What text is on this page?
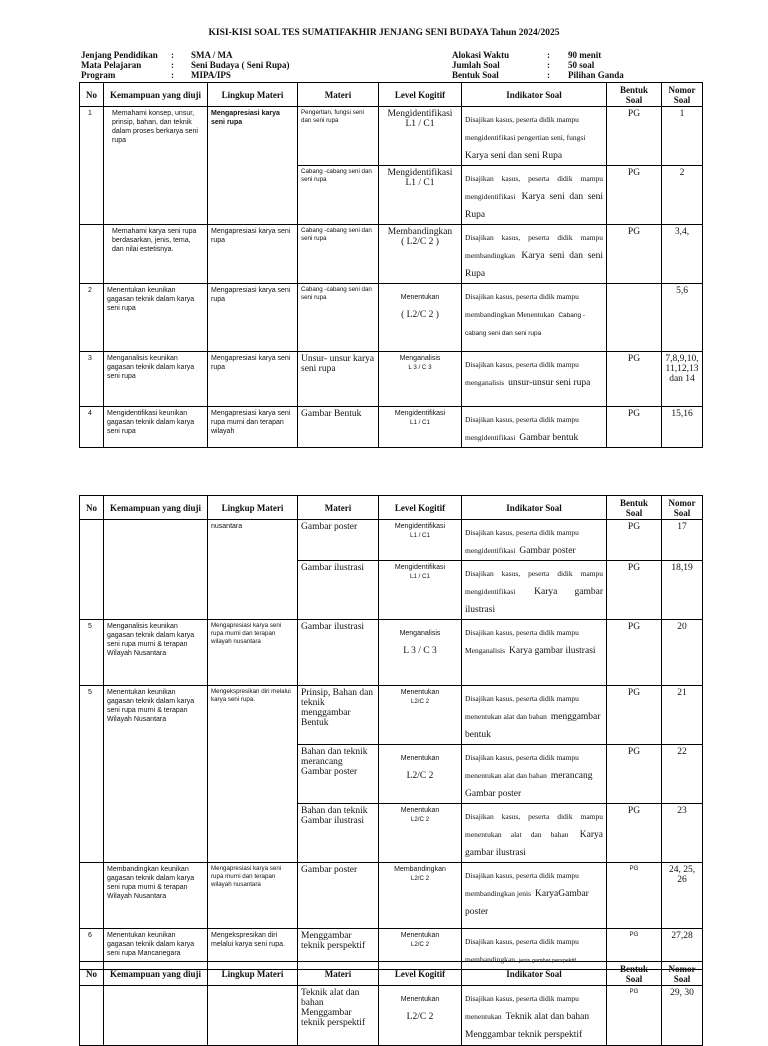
KISI-KISI SOAL TES SUMATIFAKHIR JENJANG SENI BUDAYA Tahun 2024/2025
Jenjang Pendidikan	:	SMA / MA
Mata Pelajaran	:	Seni Budaya ( Seni Rupa)
Program	:	MIPA/IPS
Alokasi Waktu	:	90 menit
Jumlah Soal	:	50 soal
Bentuk Soal	:	Pilihan Ganda
No	Kemampuan yang diuji	Lingkup Materi	Materi	Level Kogitif	Indikator Soal	Bentuk
Soal	Nomor
Soal
1	Memahami konsep, unsur, prinsip, bahan, dan teknik dalam proses berkarya seni rupa	Mengapresiasi karya seni rupa	Pengertian, fungsi seni dan seni rupa	Mengidentifikasi
L1 / C1	Disajikan kasus, peserta didik mampu mengidentifikasi pengertian seni, fungsi Karya seni dan seni Rupa	PG	1
			Cabang -cabang seni dan seni rupa	Mengidentifikasi
L1 / C1	Disajikan kasus, peserta didik mampu mengidentifikasi Karya seni dan seni Rupa	PG	2
	Memahami karya seni rupa berdasarkan, jenis, tema, dan nilai estetisnya.	Mengapresiasi karya seni rupa	Cabang -cabang seni dan seni rupa	Membandingkan
( L2/C 2 )	Disajikan kasus, peserta didik mampu membandingkan Karya seni dan seni Rupa	PG	3,4,
2	Menentukan keunikan gagasan teknik dalam karya seni rupa	Mengapresiasi karya seni rupa	Cabang -cabang seni dan seni rupa	Menentukan
( L2/C 2 )	Disajikan kasus, peserta didik mampu membandingkan Menentukan Cabang - cabang seni dan seni rupa		5,6
3	Menganalisis keunikan gagasan teknik dalam karya seni rupa	Mengapresiasi karya seni rupa	Unsur- unsur karya seni rupa	Menganalisis
L 3 / C 3	Disajikan kasus, peserta didik mampu menganalisis unsur-unsur seni rupa	PG	7,8,9,10, 11,12,13 dan 14
4	Mengidentifikasi keunikan gagasan teknik dalam karya seni rupa	Mengapresiasi karya seni rupa murni dan terapan wilayah	Gambar Bentuk	Mengidentifikasi
L1 / C1	Disajikan kasus, peserta didik mampu mengidentifikasi Gambar bentuk	PG	15,16
No	Kemampuan yang diuji	Lingkup Materi	Materi	Level Kogitif	Indikator Soal	Bentuk
Soal	Nomor
Soal
		nusantara	Gambar poster	Mengidentifikasi
L1 / C1	Disajikan kasus, peserta didik mampu mengidentifikasi Gambar poster	PG	17
			Gambar ilustrasi	Mengidentifikasi
L1 / C1	Disajikan kasus, peserta didik mampu mengidentifikasi Karya gambar ilustrasi	PG	18,19
5	Menganalisis keunikan gagasan teknik dalam karya seni rupa murni & terapan Wilayah Nusantara	Mengapresiasi karya seni rupa murni dan terapan wilayah nusantara	Gambar ilustrasi	Menganalisis
L 3 / C 3	Disajikan kasus, peserta didik mampu Menganalisis Karya gambar ilustrasi	PG	20
5	Menentukan keunikan gagasan teknik dalam karya seni rupa murni & terapan Wilayah Nusantara	Mengekspresikan diri melalui karya seni rupa.	Prinsip, Bahan dan teknik menggambar Bentuk	Menentukan
L2/C 2	Disajikan kasus, peserta didik mampu menentukan alat dan bahan menggambar bentuk	PG	21
			Bahan dan teknik merancang Gambar poster	Menentukan
L2/C 2	Disajikan kasus, peserta didik mampu menentukan alat dan bahan merancang Gambar poster	PG	22
			Bahan dan teknik Gambar ilustrasi	Menentukan
L2/C 2	Disajikan kasus, peserta didik mampu menentukan alat dan bahan Karya gambar ilustrasi	PG	23
	Membandingkan keunikan gagasan teknik dalam karya seni rupa murni & terapan Wilayah Nusantara	Mengapresiasi karya seni rupa murni dan terapan wilayah nusantara	Gambar poster	Membandingkan
L2/C 2	Disajikan kasus, peserta didik mampu membandingkan jenis KaryaGambar poster	PG	24, 25, 26
6	Menentukan keunikan gagasan teknik dalam karya seni rupa Mancanegara	Mengekspresikan diri melalui karya seni rupa.	Menggambar teknik perspektif	Menentukan
L2/C 2	Disajikan kasus, peserta didik mampu membandingkan jenis gambar perspektif	PG	27,28
No	Kemampuan yang diuji	Lingkup Materi	Materi	Level Kogitif	Indikator Soal	Bentuk
Soal	Nomor
Soal
			Teknik alat dan bahan Menggambar teknik perspektif	Menentukan
L2/C 2	Disajikan kasus, peserta didik mampu menentukan Teknik alat dan bahan Menggambar teknik perspektif	PG	29, 30
